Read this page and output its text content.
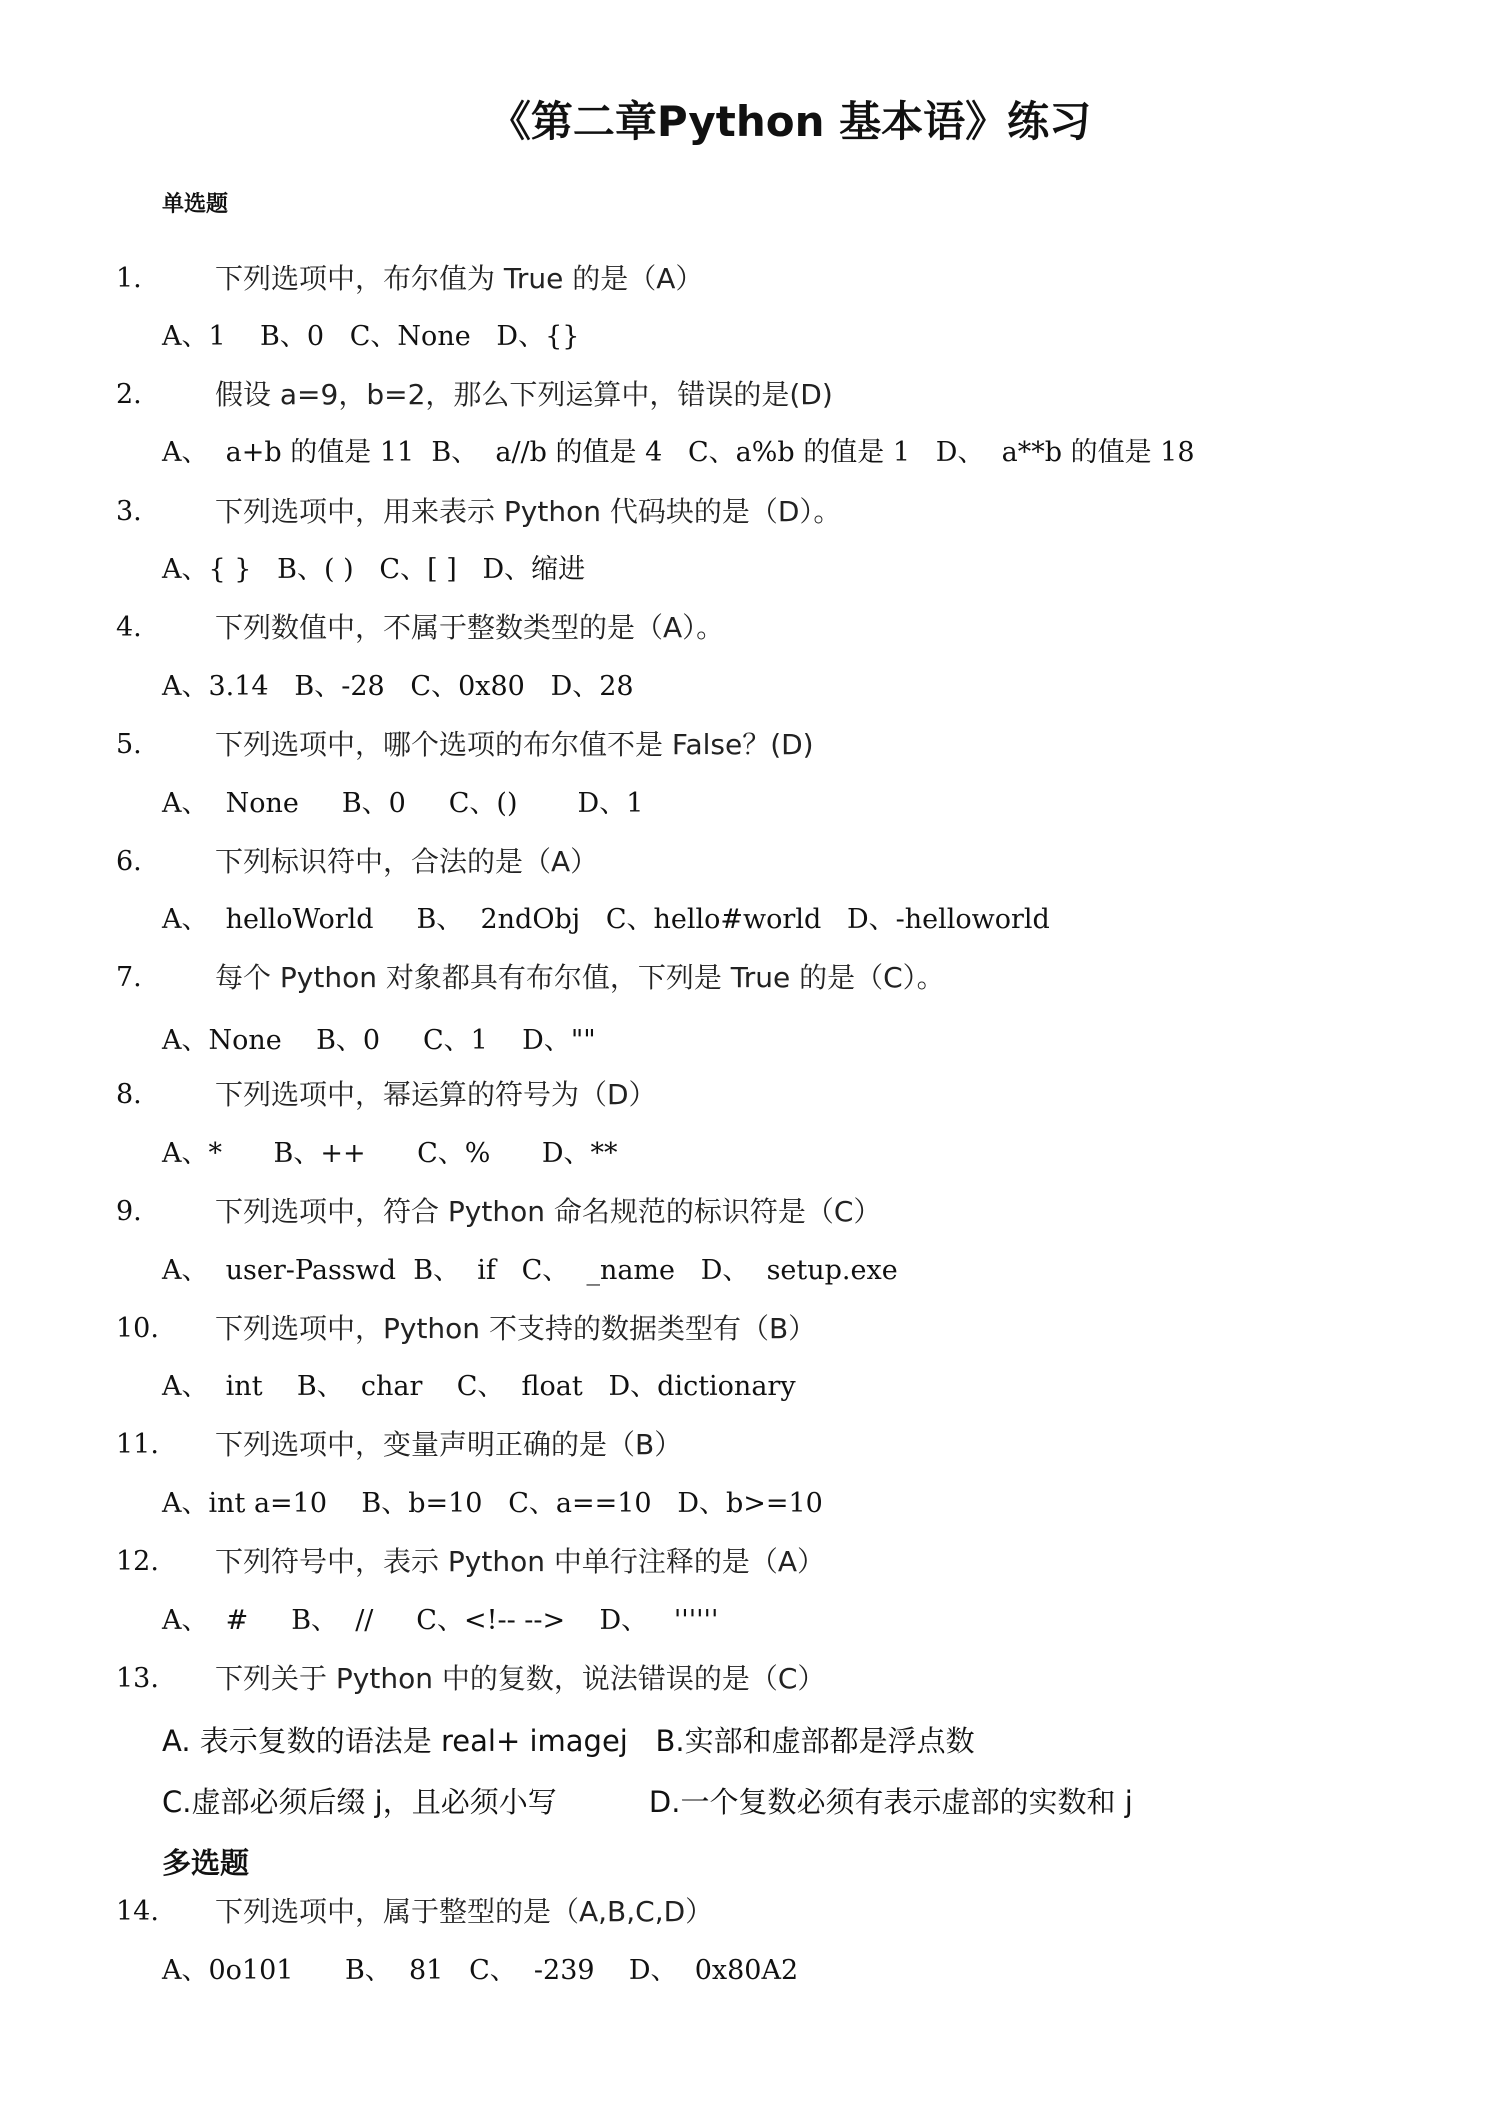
《第二章Python 基本语》练习
单选题
1.	下列选项中，布尔值为 True 的是（A）
A、1    B、0   C、None   D、{}
2.	假设 a=9，b=2，那么下列运算中，错误的是(D)
A、  a+b 的值是 11  B、  a//b 的值是 4   C、a%b 的值是 1   D、  a**b 的值是 18
3.	下列选项中，用来表示 Python 代码块的是（D）。
A、{ }   B、( )   C、[ ]   D、缩进
4.	下列数值中，不属于整数类型的是（A）。
A、3.14   B、-28   C、0x80   D、28
5.	下列选项中，哪个选项的布尔值不是 False？(D)
A、  None     B、0     C、()       D、1
6.	下列标识符中，合法的是（A）
A、  helloWorld     B、  2ndObj   C、hello#world   D、-helloworld
7.	每个 Python 对象都具有布尔值，下列是 True 的是（C）。
A、None    B、0     C、1    D、""
8.	下列选项中，幂运算的符号为（D）
A、*      B、++      C、%      D、**
9.	下列选项中，符合 Python 命名规范的标识符是（C）
A、  user-Passwd  B、  if   C、  _name   D、  setup.exe
10. 下列选项中，Python 不支持的数据类型有（B）
A、  int    B、  char    C、  float   D、dictionary
11. 下列选项中，变量声明正确的是（B）
A、int a=10    B、b=10   C、a==10   D、b>=10
12. 下列符号中，表示 Python 中单行注释的是（A）
A、  #     B、  //     C、<!-- -->    D、   ''''''
13. 下列关于 Python 中的复数，说法错误的是（C）
A. 表示复数的语法是 real+ imagej   B.实部和虚部都是浮点数
C.虚部必须后缀 j，且必须小写          D.一个复数必须有表示虚部的实数和 j
多选题
14. 下列选项中，属于整型的是（A,B,C,D）
A、0o101      B、  81   C、  -239    D、  0x80A2
